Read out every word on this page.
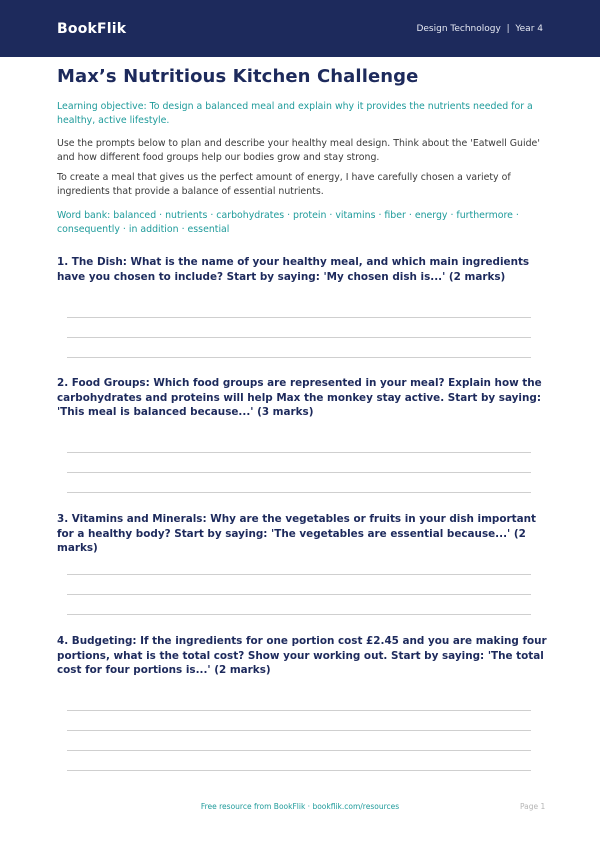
BookFlik	Design Technology | Year 4
Max’s Nutritious Kitchen Challenge

Learning objective: To design a balanced meal and explain why it provides the nutrients needed for a healthy, active lifestyle.

Use the prompts below to plan and describe your healthy meal design. Think about the 'Eatwell Guide' and how different food groups help our bodies grow and stay strong.

To create a meal that gives us the perfect amount of energy, I have carefully chosen a variety of ingredients that provide a balance of essential nutrients.

Word bank: balanced · nutrients · carbohydrates · protein · vitamins · fiber · energy · furthermore · consequently · in addition · essential

1. The Dish: What is the name of your healthy meal, and which main ingredients have you chosen to include? Start by saying: 'My chosen dish is...' (2 marks)

2. Food Groups: Which food groups are represented in your meal? Explain how the carbohydrates and proteins will help Max the monkey stay active. Start by saying: 'This meal is balanced because...' (3 marks)

3. Vitamins and Minerals: Why are the vegetables or fruits in your dish important for a healthy body? Start by saying: 'The vegetables are essential because...' (2 marks)

4. Budgeting: If the ingredients for one portion cost £2.45 and you are making four portions, what is the total cost? Show your working out. Start by saying: 'The total cost for four portions is...' (2 marks)

Free resource from BookFlik · bookflik.com/resources	Page 1
